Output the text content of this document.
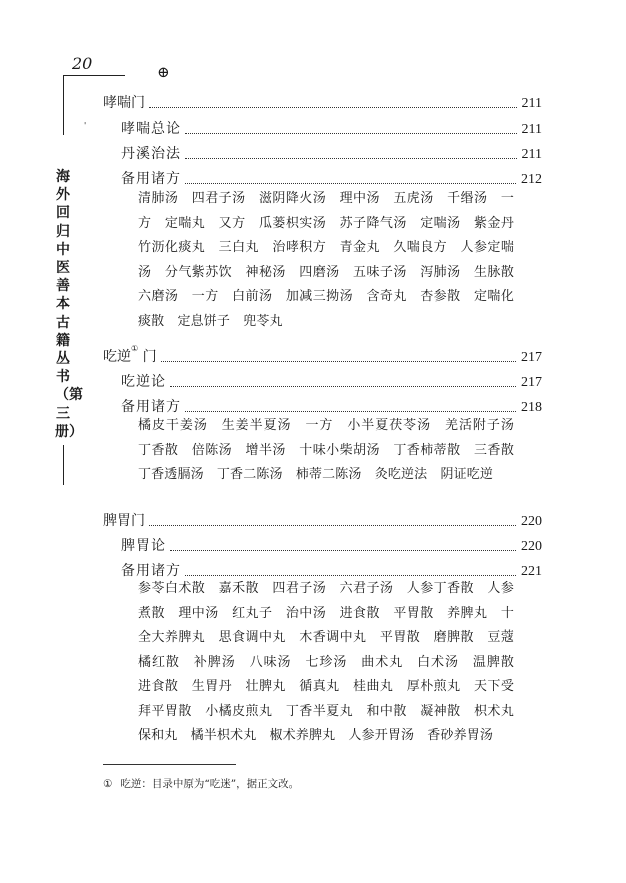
20	⊕
'
海外回归中医善本古籍丛书（第三册）
哮喘门	211
哮喘总论	211
丹溪治法	211
备用诸方	212
清肺汤　四君子汤　滋阴降火汤　理中汤　五虎汤　千缗汤　一方　定喘丸　又方　瓜蒌枳实汤　苏子降气汤　定喘汤　紫金丹　竹沥化痰丸　三白丸　治哮积方　青金丸　久喘良方　人参定喘汤　分气紫苏饮　神秘汤　四磨汤　五味子汤　泻肺汤　生脉散　六磨汤　一方　白前汤　加减三拗汤　含奇丸　杏参散　定喘化痰散　定息饼子　兜苓丸
吃逆① 门	217
吃逆论	217
备用诸方	218
橘皮干姜汤　生姜半夏汤　一方　小半夏茯苓汤　羌活附子汤　丁香散　倍陈汤　增半汤　十味小柴胡汤　丁香柿蒂散　三香散　丁香透膈汤　丁香二陈汤　柿蒂二陈汤　灸吃逆法　阴证吃逆
脾胃门	220
脾胃论	220
备用诸方	221
参苓白术散　嘉禾散　四君子汤　六君子汤　人参丁香散　人参煮散　理中汤　红丸子　治中汤　进食散　平胃散　养脾丸　十全大养脾丸　思食调中丸　木香调中丸　平胃散　磨脾散　豆蔻橘红散　补脾汤　八味汤　七珍汤　曲术丸　白术汤　温脾散　进食散　生胃丹　壮脾丸　循真丸　桂曲丸　厚朴煎丸　天下受拜平胃散　小橘皮煎丸　丁香半夏丸　和中散　凝神散　枳术丸　保和丸　橘半枳术丸　椒术养脾丸　人参开胃汤　香砂养胃汤
① 吃逆：目录中原为“吃迷”，据正文改。
